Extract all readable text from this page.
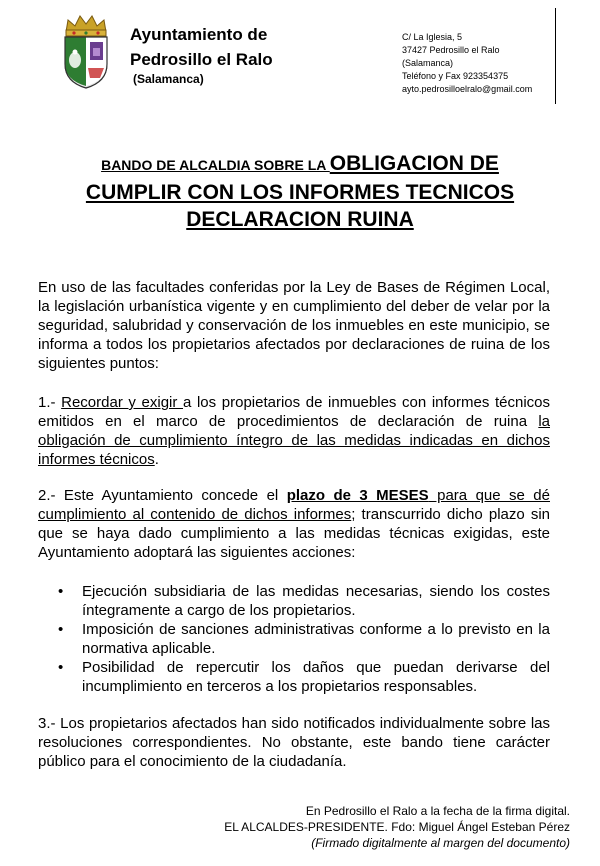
Ayuntamiento de
Pedrosillo el Ralo
(Salamanca)
C/ La Iglesia, 5
37427 Pedrosillo el Ralo
(Salamanca)
Teléfono y Fax 923354375
ayto.pedrosilloelralo@gmail.com
BANDO DE ALCALDIA SOBRE LA OBLIGACION DE
CUMPLIR CON LOS INFORMES TECNICOS
DECLARACION RUINA
En uso de las facultades conferidas por la Ley de Bases de Régimen Local, la legislación urbanística vigente y en cumplimiento del deber de velar por la seguridad, salubridad y conservación de los inmuebles en este municipio, se informa a todos los propietarios afectados por declaraciones de ruina de los siguientes puntos:
1.- Recordar y exigir a los propietarios de inmuebles con informes técnicos emitidos en el marco de procedimientos de declaración de ruina la obligación de cumplimiento íntegro de las medidas indicadas en dichos informes técnicos.
2.- Este Ayuntamiento concede el plazo de 3 MESES para que se dé cumplimiento al contenido de dichos informes; transcurrido dicho plazo sin que se haya dado cumplimiento a las medidas técnicas exigidas, este Ayuntamiento adoptará las siguientes acciones:
• Ejecución subsidiaria de las medidas necesarias, siendo los costes íntegramente a cargo de los propietarios.
• Imposición de sanciones administrativas conforme a lo previsto en la normativa aplicable.
• Posibilidad de repercutir los daños que puedan derivarse del incumplimiento en terceros a los propietarios responsables.
3.- Los propietarios afectados han sido notificados individualmente sobre las resoluciones correspondientes. No obstante, este bando tiene carácter público para el conocimiento de la ciudadanía.
En Pedrosillo el Ralo a la fecha de la firma digital.
EL ALCALDES-PRESIDENTE. Fdo: Miguel Ángel Esteban Pérez
(Firmado digitalmente al margen del documento)
